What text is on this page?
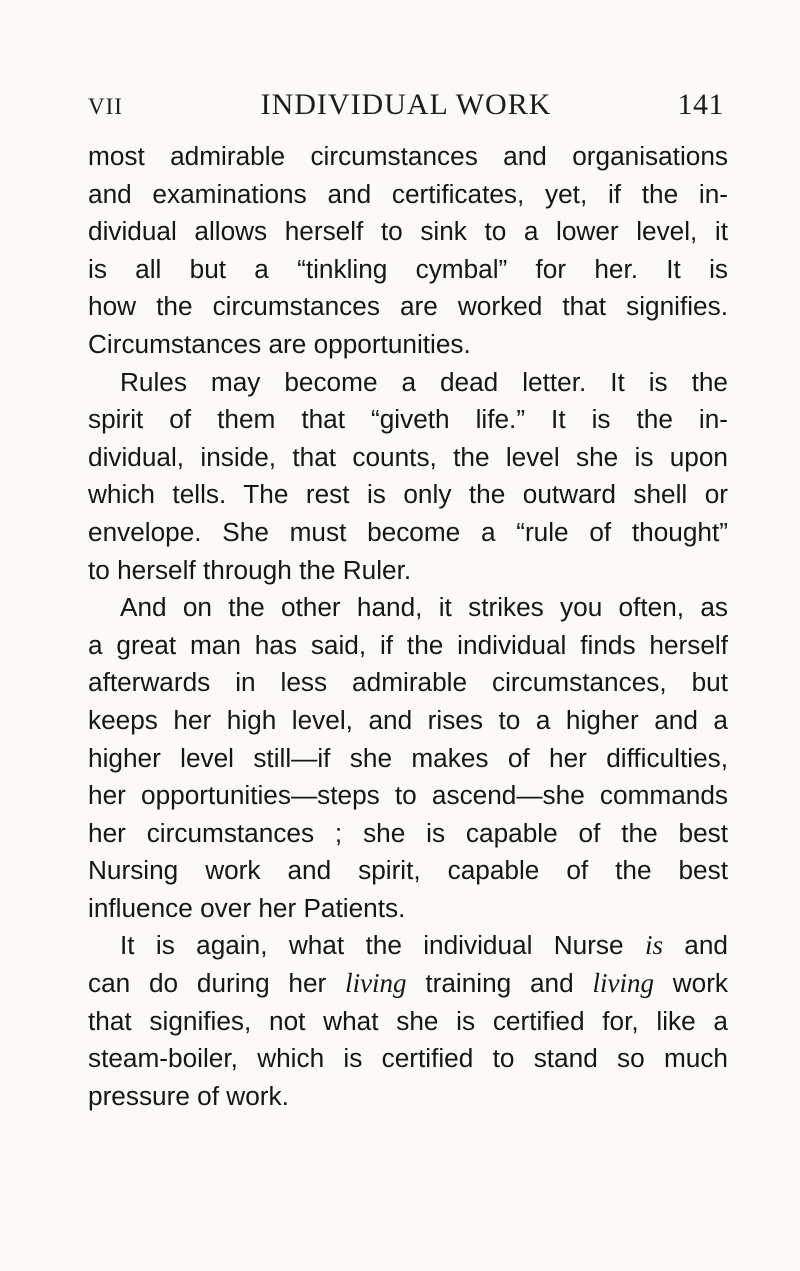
VII	INDIVIDUAL WORK	141
most admirable circumstances and organisations
and examinations and certificates, yet, if the in-
dividual allows herself to sink to a lower level, it
is all but a “tinkling cymbal” for her. It is
how the circumstances are worked that signifies.
Circumstances are opportunities.
Rules may become a dead letter. It is the
spirit of them that “giveth life.” It is the in-
dividual, inside, that counts, the level she is upon
which tells. The rest is only the outward shell or
envelope. She must become a “rule of thought”
to herself through the Ruler.
And on the other hand, it strikes you often, as
a great man has said, if the individual finds herself
afterwards in less admirable circumstances, but
keeps her high level, and rises to a higher and a
higher level still—if she makes of her difficulties,
her opportunities—steps to ascend—she commands
her circumstances ; she is capable of the best
Nursing work and spirit, capable of the best
influence over her Patients.
It is again, what the individual Nurse is and
can do during her living training and living work
that signifies, not what she is certified for, like a
steam-boiler, which is certified to stand so much
pressure of work.
